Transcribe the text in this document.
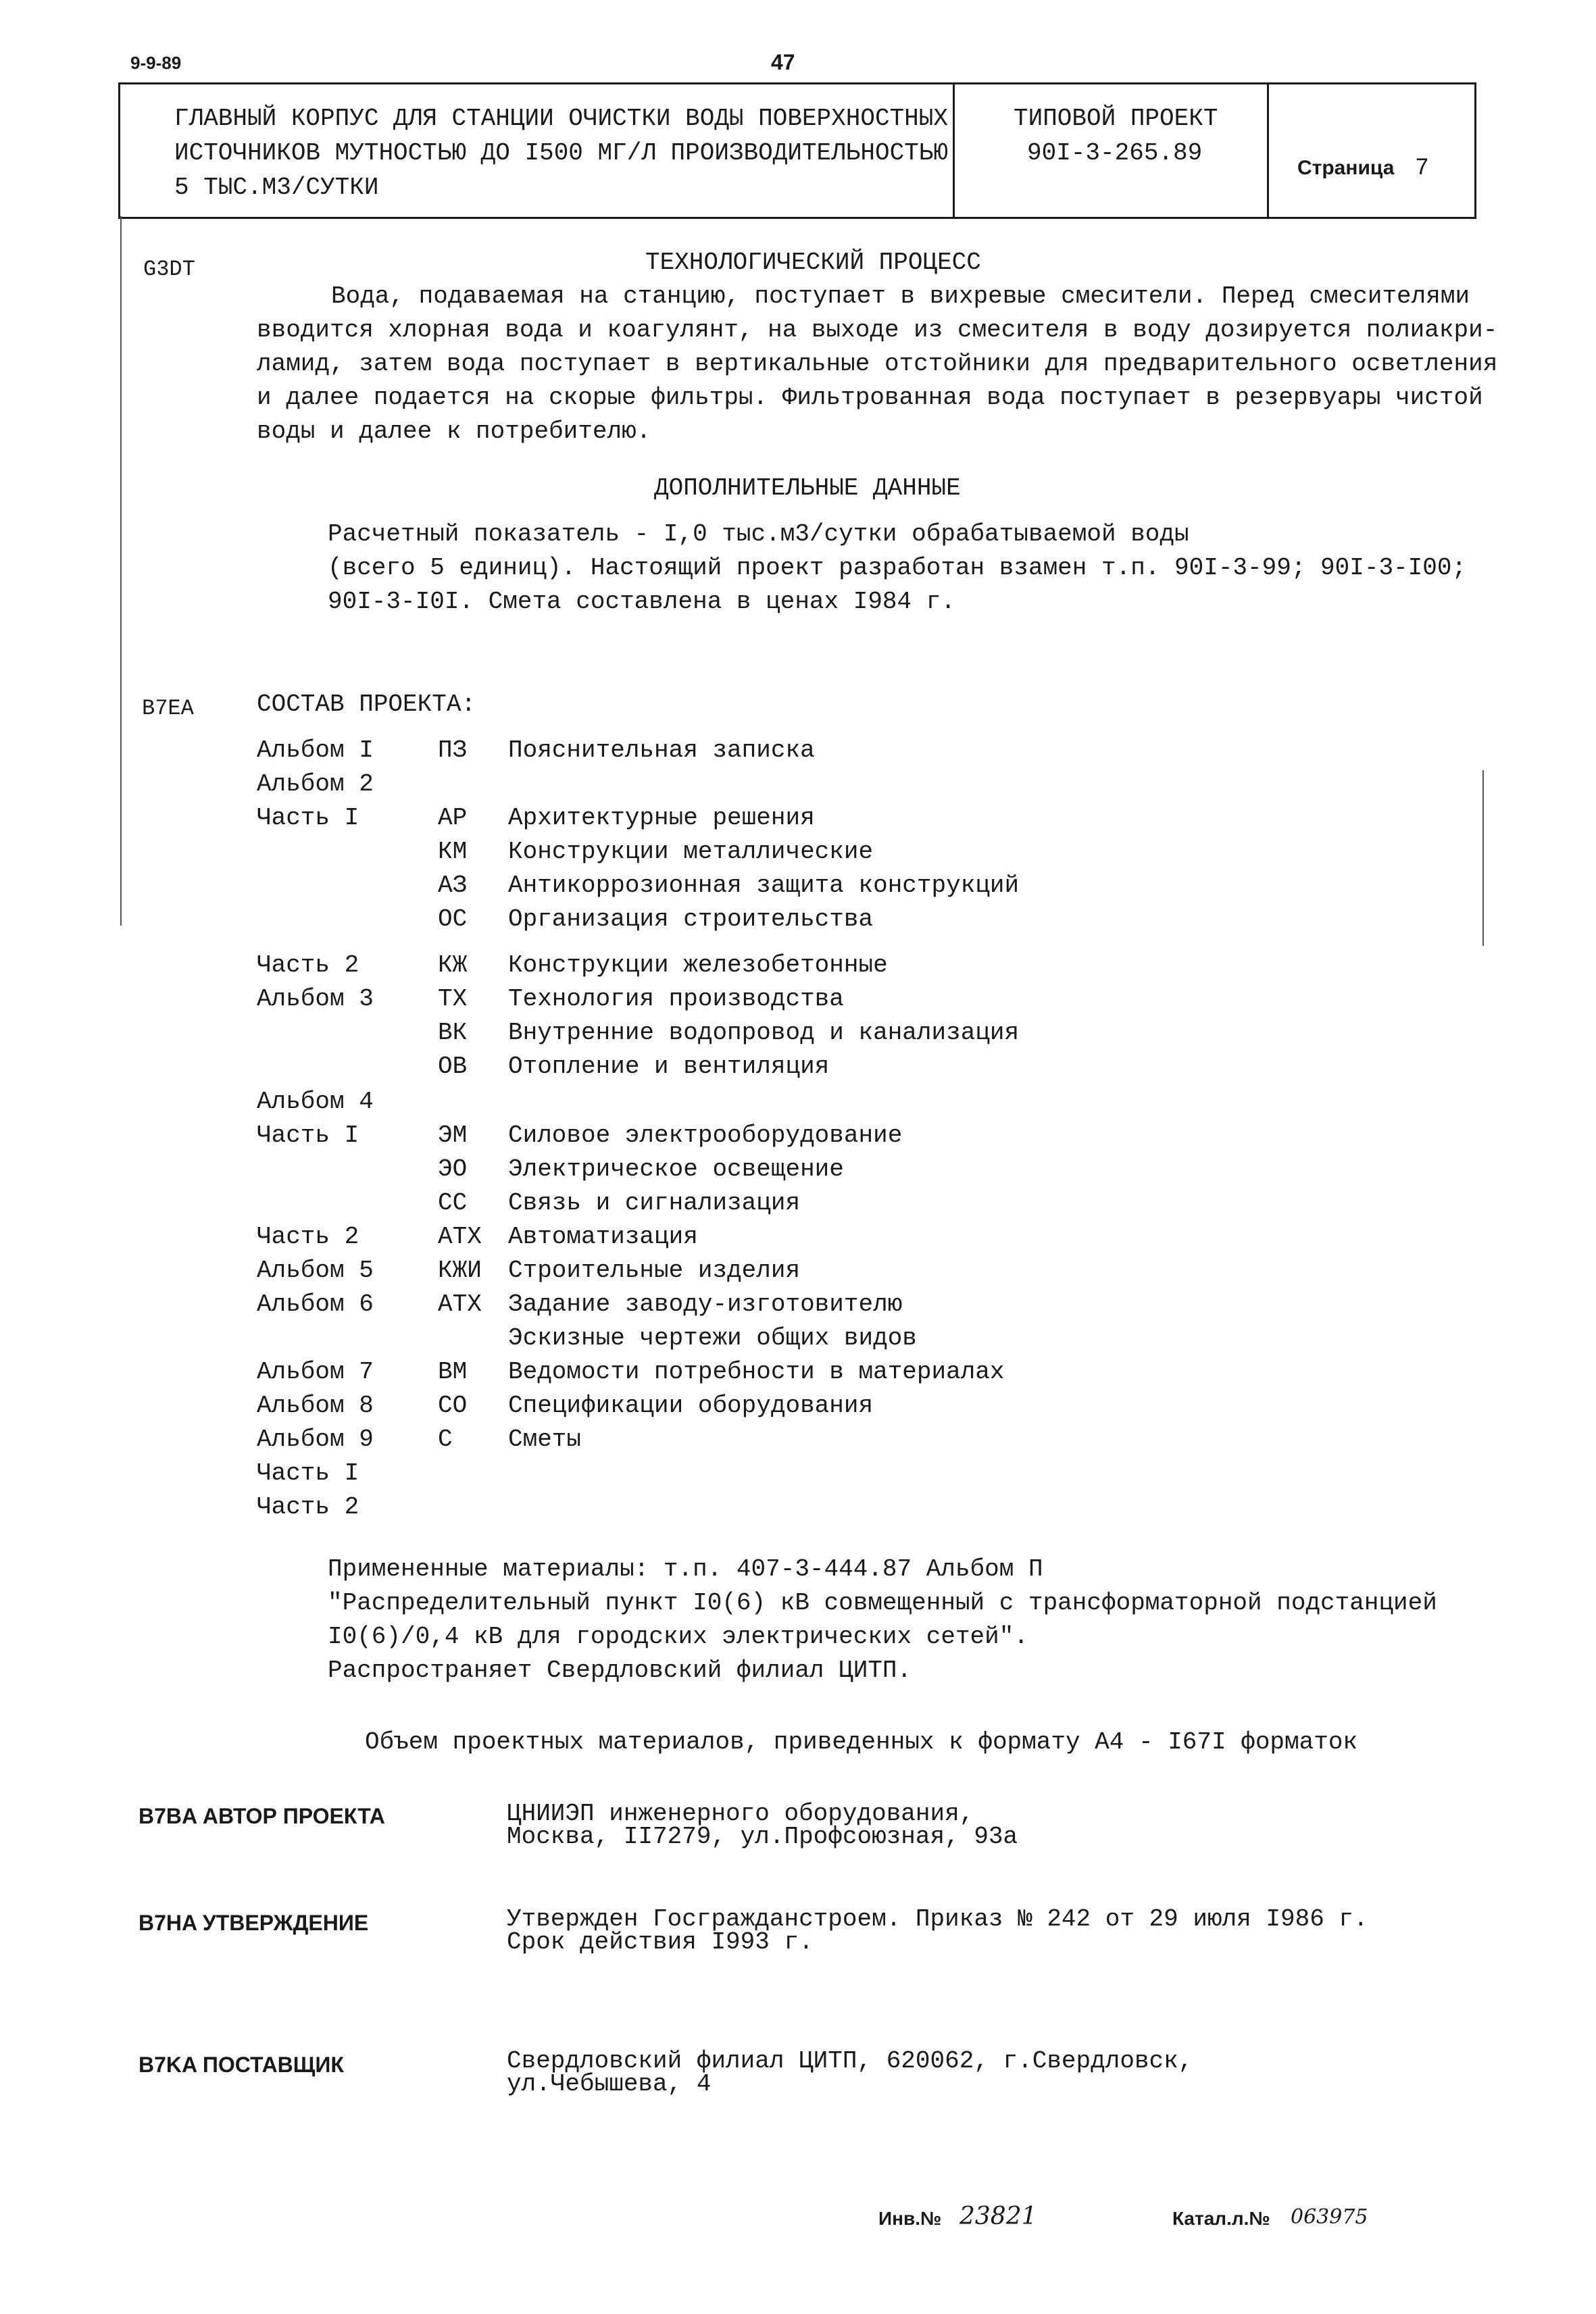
9-9-89	47
ГЛАВНЫЙ КОРПУС ДЛЯ СТАНЦИИ ОЧИСТКИ ВОДЫ ПОВЕРХНОСТНЫХ
ИСТОЧНИКОВ МУТНОСТЬЮ ДО I500 МГ/Л ПРОИЗВОДИТЕЛЬНОСТЬЮ
5 ТЫС.М3/СУТКИ
ТИПОВОЙ ПРОЕКТ
90I-3-265.89
Страница 7
G3DT	ТЕХНОЛОГИЧЕСКИЙ ПРОЦЕСС
Вода, подаваемая на станцию, поступает в вихревые смесители. Перед смесителями
вводится хлорная вода и коагулянт, на выходе из смесителя в воду дозируется полиакри-
ламид, затем вода поступает в вертикальные отстойники для предварительного осветления
и далее подается на скорые фильтры. Фильтрованная вода поступает в резервуары чистой
воды и далее к потребителю.
ДОПОЛНИТЕЛЬНЫЕ ДАННЫЕ
Расчетный показатель - I,0 тыс.м3/сутки обрабатываемой воды
(всего 5 единиц). Настоящий проект разработан взамен т.п. 90I-3-99; 90I-3-I00;
90I-3-I0I. Смета составлена в ценах I984 г.
B7EA	СОСТАВ ПРОЕКТА:
Альбом I	ПЗ Пояснительная записка
Альбом 2
Часть I	АР Архитектурные решения
КМ Конструкции металлические
АЗ Антикоррозионная защита конструкций
ОС Организация строительства
Часть 2	КЖ Конструкции железобетонные
Альбом 3	ТХ Технология производства
ВК Внутренние водопровод и канализация
ОВ Отопление и вентиляция
Альбом 4
Часть I	ЭМ Силовое электрооборудование
ЭО Электрическое освещение
СС Связь и сигнализация
Часть 2	АТХ Автоматизация
Альбом 5	КЖИ Строительные изделия
Альбом 6	АТХ Задание заводу-изготовителю
Эскизные чертежи общих видов
Альбом 7	ВМ Ведомости потребности в материалах
Альбом 8	СО Спецификации оборудования
Альбом 9	С Сметы
Часть I
Часть 2
Примененные материалы: т.п. 407-3-444.87 Альбом П
"Распределительный пункт I0(6) кВ совмещенный с трансформаторной подстанцией
I0(6)/0,4 кВ для городских электрических сетей".
Распространяет Свердловский филиал ЦИТП.
Объем проектных материалов, приведенных к формату А4 - I67I форматок
B7BA АВТОР ПРОЕКТА	ЦНИИЭП инженерного оборудования,
Москва, II7279, ул.Профсоюзная, 93а
B7HA УТВЕРЖДЕНИЕ	Утвержден Госгражданстроем. Приказ № 242 от 29 июля I986 г.
Срок действия I993 г.
B7KA ПОСТАВЩИК	Свердловский филиал ЦИТП, 620062, г.Свердловск,
ул.Чебышева, 4
Инв.№ 23821	Катал.л.№ 063975
